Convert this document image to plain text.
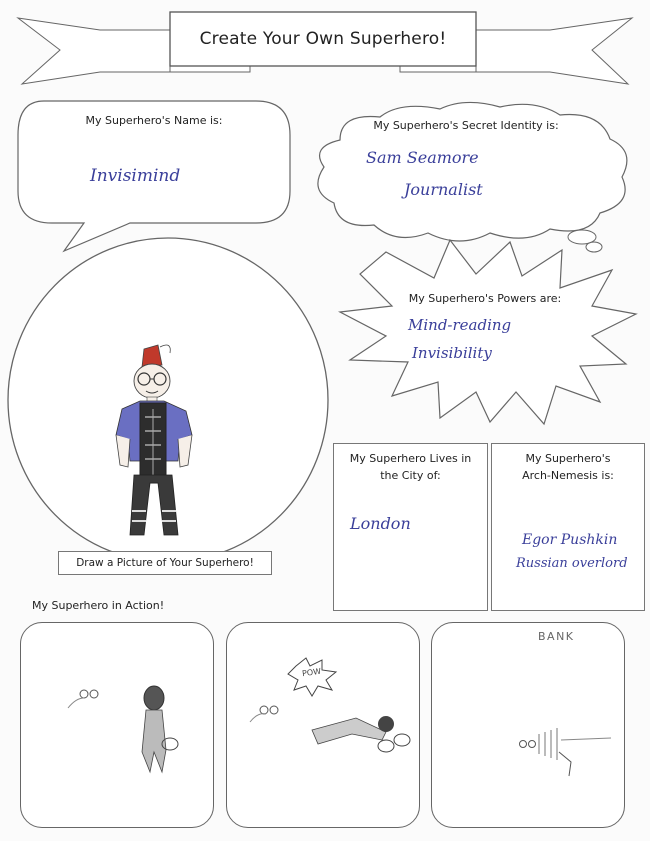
Create Your Own Superhero!
My Superhero's Name is:
Invisimind
My Superhero's Secret Identity is:
Sam Seamore
Journalist
My Superhero's Powers are:
Mind-reading
Invisibility
Draw a Picture of Your Superhero!
My Superhero Lives in
the City of:
London
My Superhero's
Arch-Nemesis is:
Egor Pushkin
Russian overlord
My Superhero in Action!
POW
BANK
